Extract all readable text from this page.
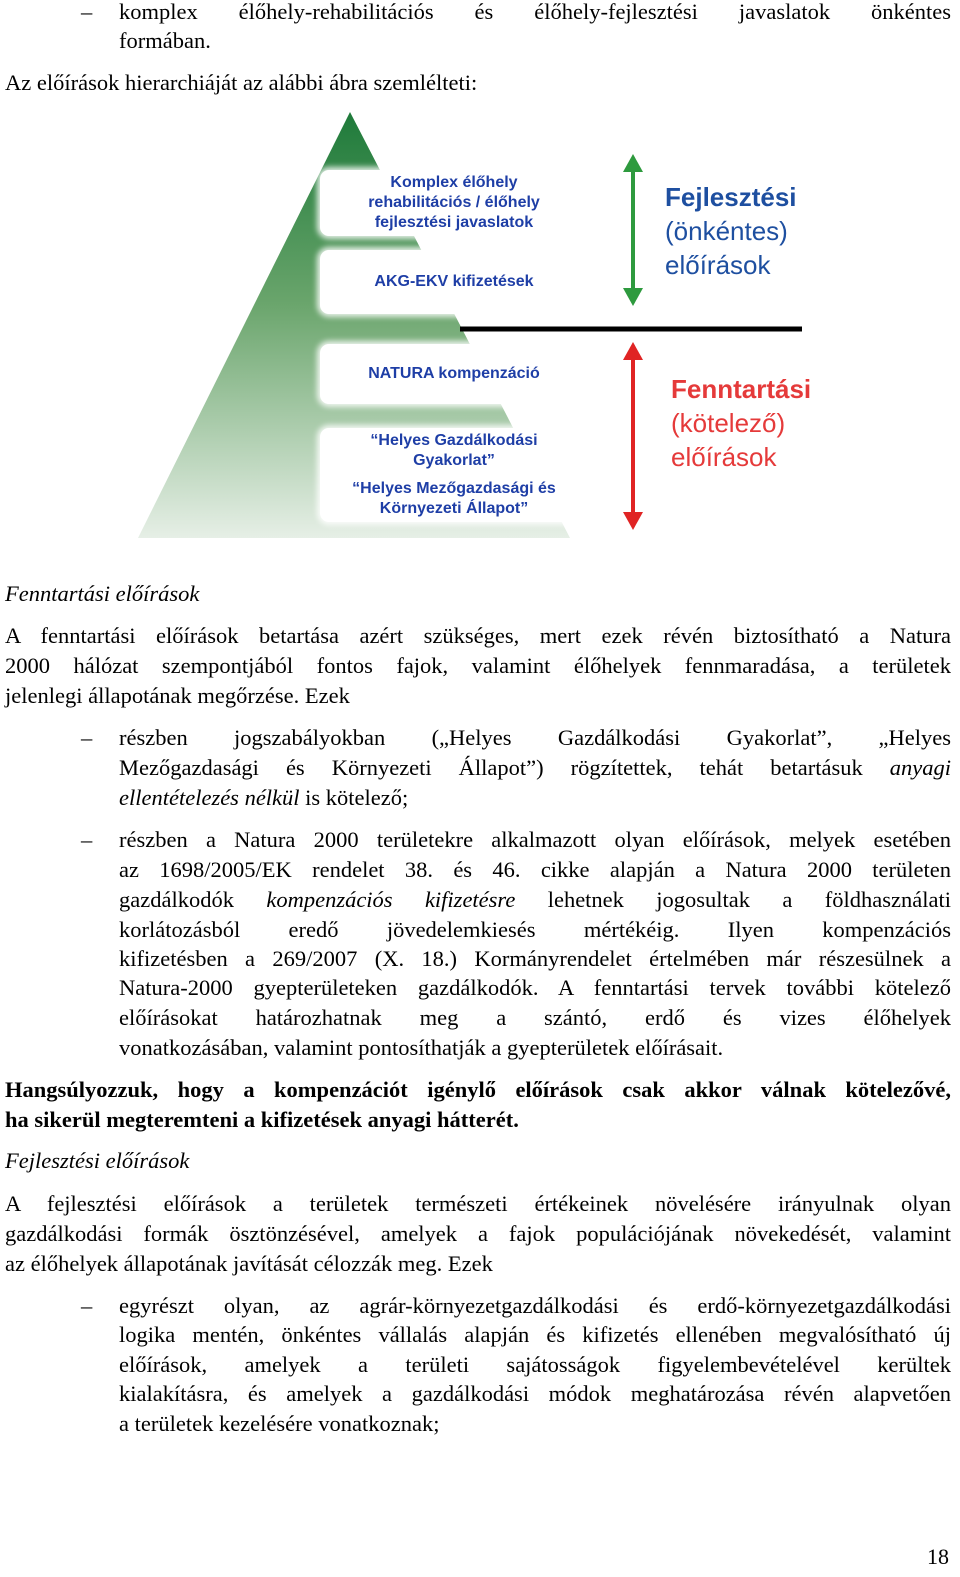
– komplex élőhely-rehabilitációs és élőhely-fejlesztési javaslatok önkéntes
formában.
Az előírások hierarchiáját az alábbi ábra szemlélteti:
Komplex élőhely
rehabilitációs / élőhely
fejlesztési javaslatok
AKG-EKV kifizetések
NATURA kompenzáció
“Helyes Gazdálkodási
Gyakorlat”
“Helyes Mezőgazdasági és
Környezeti Állapot”
Fejlesztési
(önkéntes)
előírások
Fenntartási
(kötelező)
előírások
Fenntartási előírások
A fenntartási előírások betartása azért szükséges, mert ezek révén biztosítható a Natura
2000 hálózat szempontjából fontos fajok, valamint élőhelyek fennmaradása, a területek
jelenlegi állapotának megőrzése. Ezek
– részben jogszabályokban („Helyes Gazdálkodási Gyakorlat”, „Helyes
Mezőgazdasági és Környezeti Állapot”) rögzítettek, tehát betartásuk anyagi
ellentételezés nélkül is kötelező;
– részben a Natura 2000 területekre alkalmazott olyan előírások, melyek esetében
az 1698/2005/EK rendelet 38. és 46. cikke alapján a Natura 2000 területen
gazdálkodók kompenzációs kifizetésre lehetnek jogosultak a földhasználati
korlátozásból eredő jövedelemkiesés mértékéig. Ilyen kompenzációs
kifizetésben a 269/2007 (X. 18.) Kormányrendelet értelmében már részesülnek a
Natura-2000 gyepterületeken gazdálkodók. A fenntartási tervek további kötelező
előírásokat határozhatnak meg a szántó, erdő és vizes élőhelyek
vonatkozásában, valamint pontosíthatják a gyepterületek előírásait.
Hangsúlyozzuk, hogy a kompenzációt igénylő előírások csak akkor válnak kötelezővé,
ha sikerül megteremteni a kifizetések anyagi hátterét.
Fejlesztési előírások
A fejlesztési előírások a területek természeti értékeinek növelésére irányulnak olyan
gazdálkodási formák ösztönzésével, amelyek a fajok populációjának növekedését, valamint
az élőhelyek állapotának javítását célozzák meg. Ezek
– egyrészt olyan, az agrár-környezetgazdálkodási és erdő-környezetgazdálkodási
logika mentén, önkéntes vállalás alapján és kifizetés ellenében megvalósítható új
előírások, amelyek a területi sajátosságok figyelembevételével kerültek
kialakításra, és amelyek a gazdálkodási módok meghatározása révén alapvetően
a területek kezelésére vonatkoznak;
18
